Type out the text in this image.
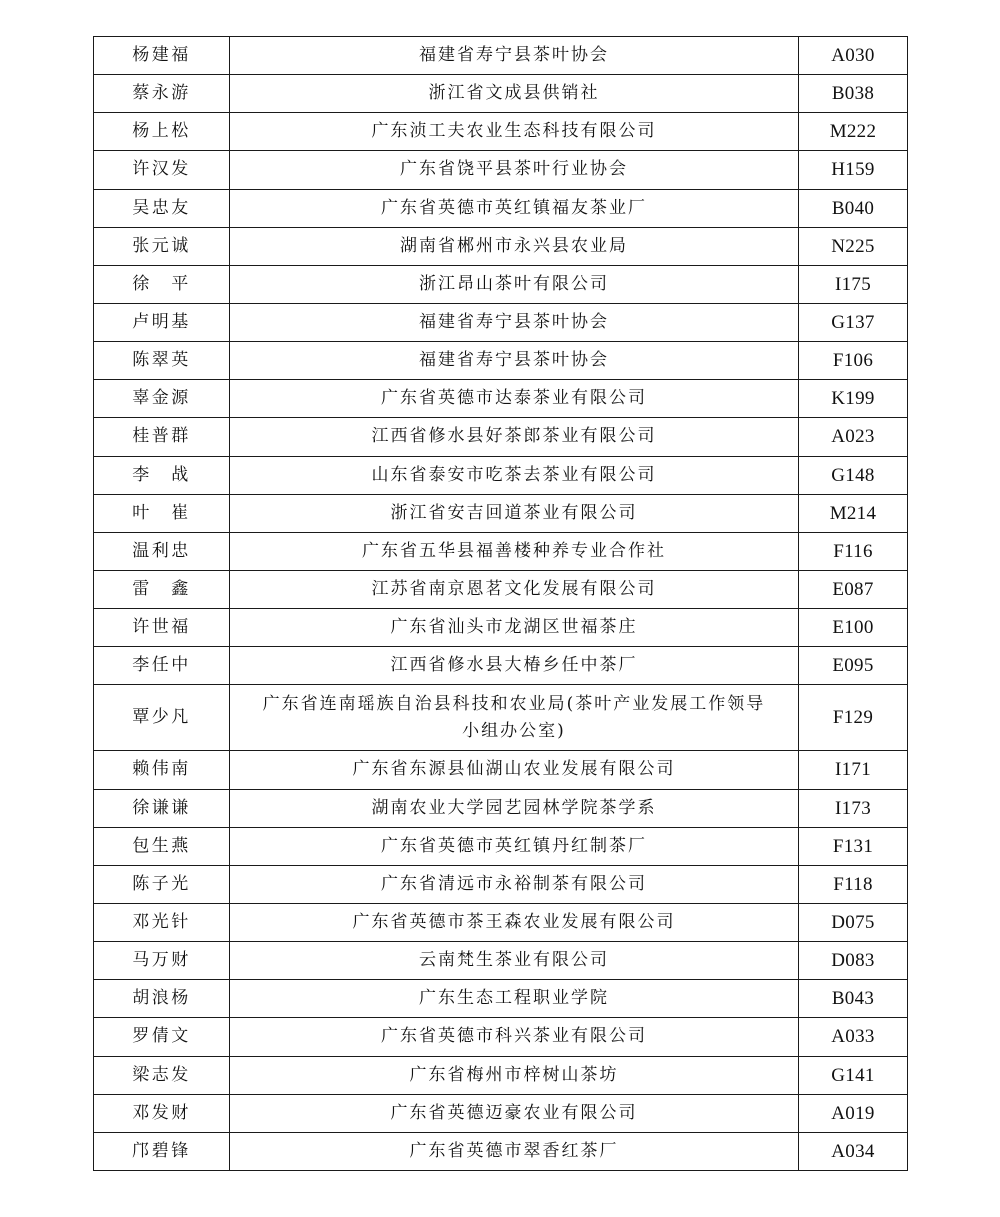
杨建福	福建省寿宁县茶叶协会	A030
蔡永游	浙江省文成县供销社	B038
杨上松	广东浈工夫农业生态科技有限公司	M222
许汉发	广东省饶平县茶叶行业协会	H159
吴忠友	广东省英德市英红镇福友茶业厂	B040
张元诚	湖南省郴州市永兴县农业局	N225
徐　平	浙江昂山茶叶有限公司	I175
卢明基	福建省寿宁县茶叶协会	G137
陈翠英	福建省寿宁县茶叶协会	F106
辜金源	广东省英德市达泰茶业有限公司	K199
桂普群	江西省修水县好茶郎茶业有限公司	A023
李　战	山东省泰安市吃茶去茶业有限公司	G148
叶　崔	浙江省安吉回道茶业有限公司	M214
温利忠	广东省五华县福善楼种养专业合作社	F116
雷　鑫	江苏省南京恩茗文化发展有限公司	E087
许世福	广东省汕头市龙湖区世福茶庄	E100
李任中	江西省修水县大椿乡任中茶厂	E095
覃少凡	广东省连南瑶族自治县科技和农业局(茶叶产业发展工作领导
小组办公室)	F129
赖伟南	广东省东源县仙湖山农业发展有限公司	I171
徐谦谦	湖南农业大学园艺园林学院茶学系	I173
包生燕	广东省英德市英红镇丹红制茶厂	F131
陈子光	广东省清远市永裕制茶有限公司	F118
邓光针	广东省英德市茶王森农业发展有限公司	D075
马万财	云南梵生茶业有限公司	D083
胡浪杨	广东生态工程职业学院	B043
罗倩文	广东省英德市科兴茶业有限公司	A033
梁志发	广东省梅州市梓树山茶坊	G141
邓发财	广东省英德迈豪农业有限公司	A019
邝碧锋	广东省英德市翠香红茶厂	A034
